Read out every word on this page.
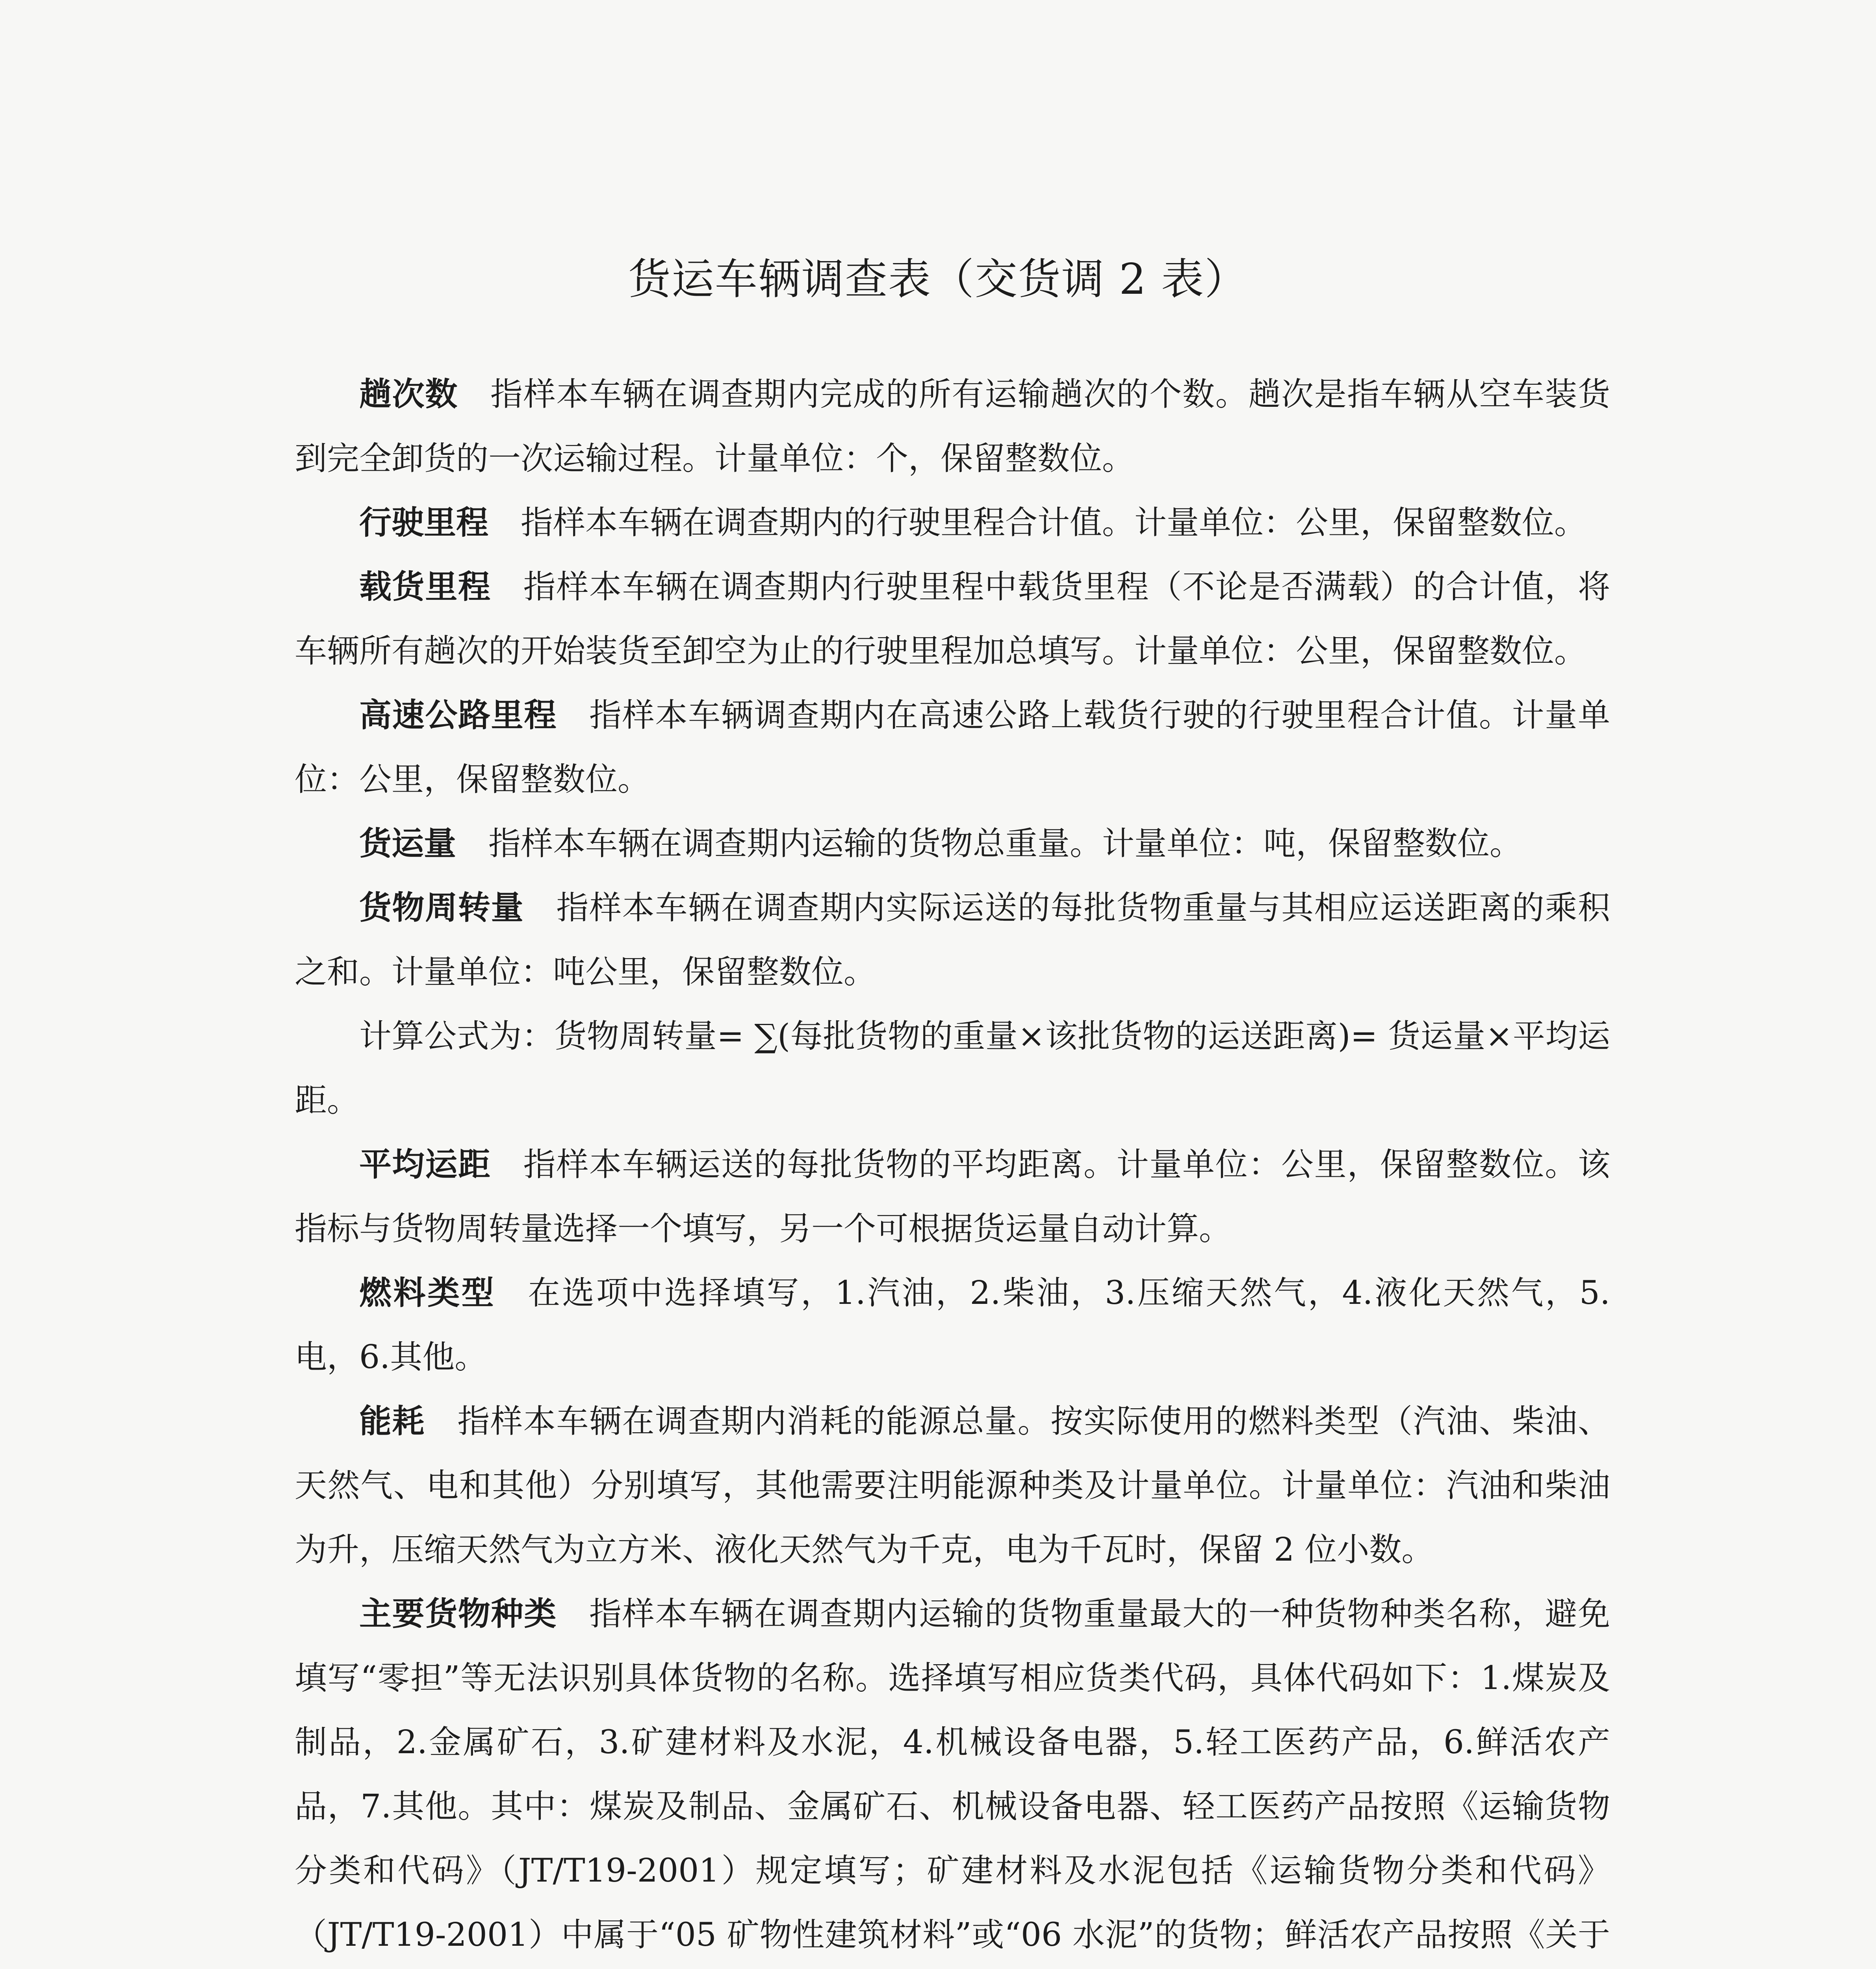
货运车辆调查表（交货调 2 表）

趟次数 指样本车辆在调查期内完成的所有运输趟次的个数。趟次是指车辆从空车装货到完全卸货的一次运输过程。计量单位：个，保留整数位。

行驶里程 指样本车辆在调查期内的行驶里程合计值。计量单位：公里，保留整数位。

载货里程 指样本车辆在调查期内行驶里程中载货里程（不论是否满载）的合计值，将车辆所有趟次的开始装货至卸空为止的行驶里程加总填写。计量单位：公里，保留整数位。

高速公路里程 指样本车辆调查期内在高速公路上载货行驶的行驶里程合计值。计量单位：公里，保留整数位。

货运量 指样本车辆在调查期内运输的货物总重量。计量单位：吨，保留整数位。

货物周转量 指样本车辆在调查期内实际运送的每批货物重量与其相应运送距离的乘积之和。计量单位：吨公里，保留整数位。

计算公式为：货物周转量= ∑(每批货物的重量×该批货物的运送距离)= 货运量×平均运距。

平均运距 指样本车辆运送的每批货物的平均距离。计量单位：公里，保留整数位。该指标与货物周转量选择一个填写，另一个可根据货运量自动计算。

燃料类型 在选项中选择填写，1.汽油，2.柴油，3.压缩天然气，4.液化天然气，5.电，6.其他。

能耗 指样本车辆在调查期内消耗的能源总量。按实际使用的燃料类型（汽油、柴油、天然气、电和其他）分别填写，其他需要注明能源种类及计量单位。计量单位：汽油和柴油为升，压缩天然气为立方米、液化天然气为千克，电为千瓦时，保留 2 位小数。

主要货物种类 指样本车辆在调查期内运输的货物重量最大的一种货物种类名称，避免填写“零担”等无法识别具体货物的名称。选择填写相应货类代码，具体代码如下：1.煤炭及制品，2.金属矿石，3.矿建材料及水泥，4.机械设备电器，5.轻工医药产品，6.鲜活农产品，7.其他。其中：煤炭及制品、金属矿石、机械设备电器、轻工医药产品按照《运输货物分类和代码》（JT/T19-2001）规定填写；矿建材料及水泥包括《运输货物分类和代码》（JT/T19-2001）中属于“05 矿物性建筑材料”或“06 水泥”的货物；鲜活农产品按照《关于
